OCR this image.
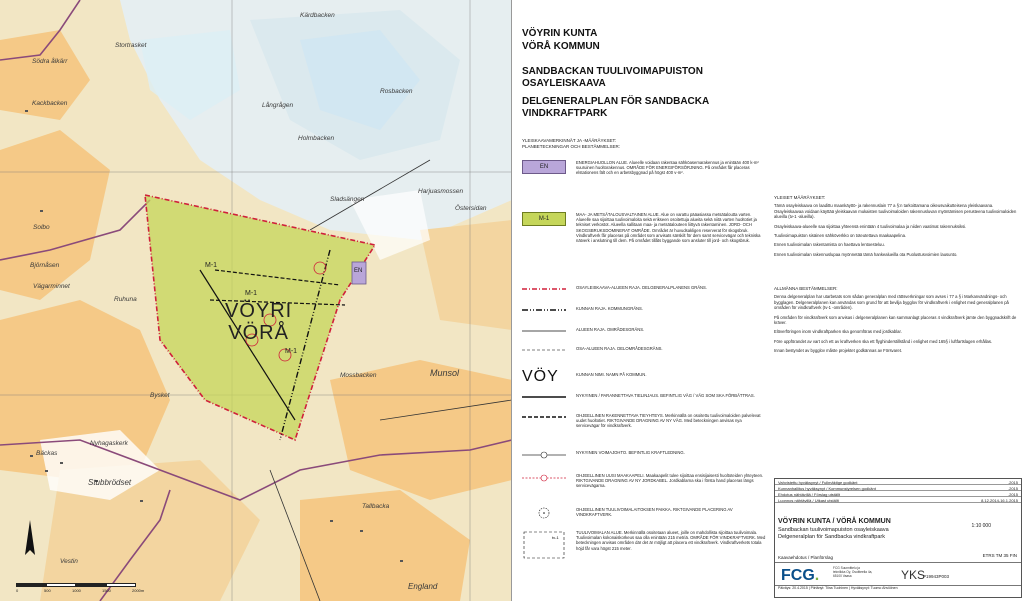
Stortrasket
Kärdbacken
Södra ålkärr
Kackbacken	Långrågen
Rosbacken
Holmbacken
Sladsängen
Harjuasmossen
Östersidan
Solbo
Björnåsen
Vägarminnet
Ruhuna
Bysket
Munsol
Mossbacken
Nyhagaskerk
Stubbrödset
Bäckas
Vestin
Tallbacka
England
VÖYRI
VÖRÅ
M-1
M-1
M-1
EN
0	500	1000	1500	2000m
VÖYRIN KUNTA
VÖRÅ KOMMUN
SANDBACKAN TUULIVOIMAPUISTON OSAYLEISKAAVA
DELGENERALPLAN FÖR SANDBACKA VINDKRAFTPARK
YLEISKAAVAMERKINNÄT JA -MÄÄRÄYKSET:
PLANBETECKNINGAR OCH BESTÄMMELSER:
EN
ENERGIAHUOLLON ALUE. Alueelle voidaan rakentaa sähköasemarakennus ja enintään 400 k-m² suuruinen huoltorakennus. OMRÅDE FÖR ENERGIFÖRSÖRJNING. På området får placeras elstationens fält och en arbetsbyggnad på högst 400 v-m².
M-1
MAA- JA METSÄTALOUSVALTAINEN ALUE. Alue on varattu pääasiassa metsätaloutta varten. Alueelle saa sijoittaa tuulivoimaloita sekä erikseen osoitettuja alueita sekä niitä varten huoltotiet ja tekniset verkostot. Alueella sallitaan maa- ja metsätalouteen liittyvä rakentaminen. JORD- OCH SKOGSBRUKSDOMINERAT OMRÅDE. Området är huvudsakligen reserverat för skogsbruk. Vindkraftverk får placeras på området som anvisats särskilt för dem samt servicevägar och tekniska nätverk i anslutning till dem. På området tillåts byggande som ansluter till jord- och skogsbruk.
OSAYLEISKAAVA-ALUEEN RAJA. DELGENERALPLANENS GRÄNS.
KUNNAN RAJA. KOMMUNGRÄNS.
ALUEEN RAJA. OMRÅDESGRÄNS.
OSA-ALUEEN RAJA. DELOMRÅDESGRÄNS.
VÖY	KUNNAN NIMI. NAMN PÅ KOMMUN.
NYKYINEN / PARANNETTAVA TIELINJAUS. BEFINTLIG VÄG / VÄG SOM SKA FÖRBÄTTRAS.
OHJEELLINEN RAKENNETTAVA TIEYHTEYS. Merkinnällä on osoitettu tuulivoimaloiden palvelevat uudet huoltotiet. RIKTGIVANDE DRAGNING AV NY VÄG. Med beteckningen anvisas nya servicevägar för vindkraftverk.
NYKYINEN VOIMAJOHTO. BEFINTLIG KRAFTLEDNING.
OHJEELLINEN UUSI MAAKAAPELI. Maakaapelit tulee sijoittaa ensisijaisesti huoltoteiden yhteyteen. RIKTGIVANDE DRAGNING AV NY JORDKABEL. Jordkablarna ska i första hand placeras längs servicevägarna.
OHJEELLINEN TUULIVOIMALAITOKSEN PAIKKA. RIKTGIVANDE PLACERING AV VINDKRAFTVERK.
tv-1
TUULIVOIMALAN ALUE. Merkinnällä osoitetaan alueet, joille on mahdollista sijoittaa tuulivoimala. Tuulivoimalan kokonaiskorkeus saa olla enintään 215 metriä. OMRÅDE FÖR VINDKRAFTVERK. Med beteckningen anvisas områden där det är möjligt att placera ett vindkraftverk. Vindkraftverkets totala höjd får vara högst 215 meter.
YLEISET MÄÄRÄYKSET:

Tämä osayleiskaava on laadittu maankäyttö- ja rakennuslain 77 a §:n tarkoittamana oikeusvaikutteisena yleiskaavana. Osayleiskaavaa voidaan käyttää yleiskaavan mukaisten tuulivoimaloiden rakennusluvan myöntämisen perusteena tuulivoimaloiden alueilla (tv-1 -alueilla).

Osayleiskaava-alueelle saa sijoittaa yhteensä enintään 4 tuulivoimalaa ja niiden vaatimat rakennuksiksi.

Tuulivoimapuiston sisäinen sähköverkko on toteutettava maakaapelina.

Ennen tuulivoimalan rakentamista on haettava lentoesteluu.

Ennen tuulivoimalan rakennuslupaa myönnetää tämä hankealueilla ota Puolustusvoimien lausunto.

ALLMÄNNA BESTÄMMELSER:

Denna delgeneralplan har utarbetats som sådan generalplan med rättsverkningar som avses i 77 a § i Markanvändnings- och bygglagen. Delgeneralplanen kan användas som grund för att bevilja bygglov för vindkraftverk i enlighet med generalplanen på områden för vindkraftverk (tv-1 -områden).

På områden för vindkraftverk som anvisas i delgeneralplanen kan sammanlagt placeras 4 vindkraftverk jämte den byggnadskrift de kräver.

Elöverföringen inom vindkraftparken ska genomföras med jordkablar.

Före uppförandet av vart och ett av kraftverken ska ett flyghinderstillstånd i enlighet med 165§ i luftfartslagen erhållas.

Innan bestyndet av bygglov måste projektet godkännas av Försvaret.

Vahvistettu hyväksynyt / Fullmäktige godkänt	.2015
Kunnanhallitus hyväksynyt / Kommunstyrelsen godkänt	.2015
Ehdotus nähtävillä / Förslag utställt	.2015
Luonnos nähtävillä / Utkast utställt	8.12.2014-16.1.2015
VÖYRIN KUNTA / VÖRÅ KOMMUN
Sandbackan tuulivoimapuiston osayleiskaava
Delgeneralplan för Sandbacka vindkraftpark
1:10 000
ETRS TM 35 FIN
Kaavaehdotus / Planförslag
FCG.	FCG Suunnittelu ja tekniikka Oy, Osoitteella 4a, 65100 Vaasa	YKS
P19943P003
Päiväys: 20.4.2015 | Piirtänyt: Tiina Tuohinen | Hyväksynyt: Tuomo Ahviöinen
